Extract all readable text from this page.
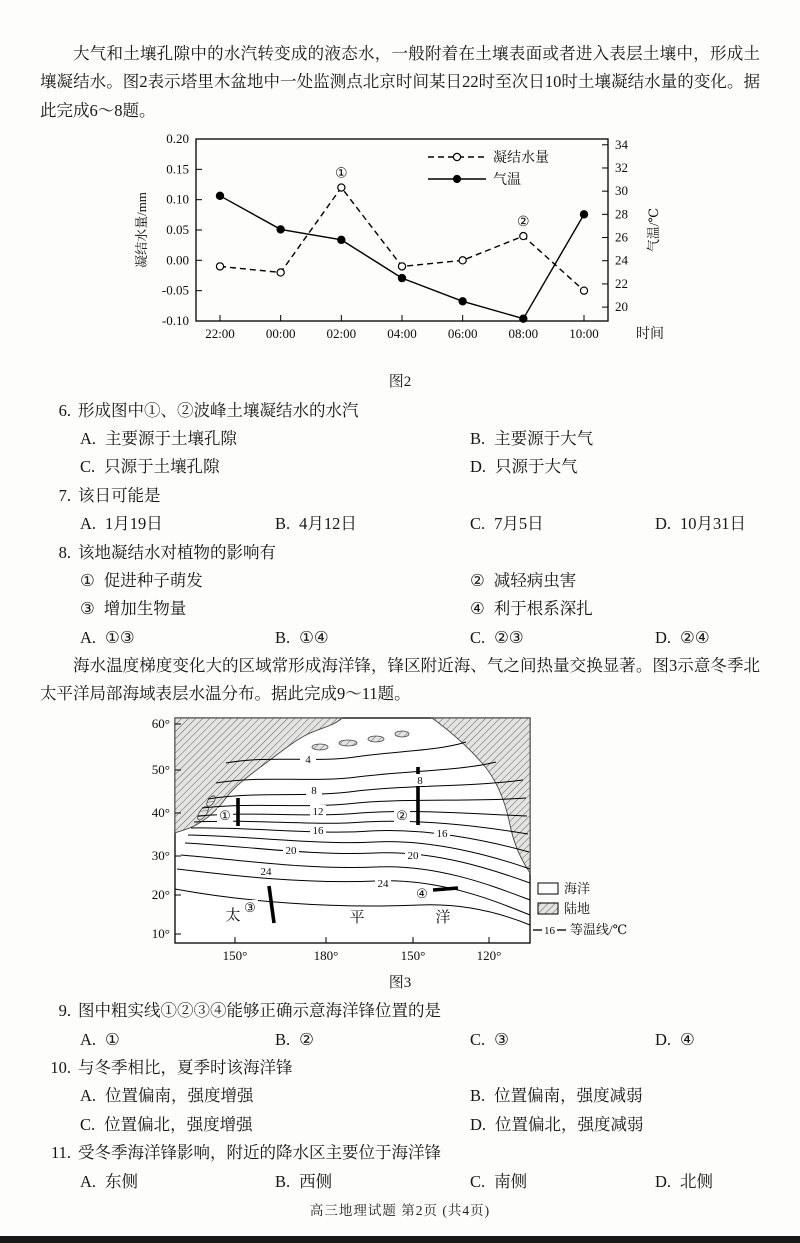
大气和土壤孔隙中的水汽转变成的液态水，一般附着在土壤表面或者进入表层土壤中，形成土壤凝结水。图2表示塔里木盆地中一处监测点北京时间某日22时至次日10时土壤凝结水量的变化。据此完成6～8题。

0.20
0.15
0.10
0.05
0.00
-0.05
-0.10
34
32
30
28
26
24
22
20
22:00 00:00 02:00 04:00 06:00 08:00 10:00	时间
凝结水量/mm	气温/℃
①
②
凝结水量
气温
图2
6. 形成图中①、②波峰土壤凝结水的水汽
A. 主要源于土壤孔隙	B. 主要源于大气
C. 只源于土壤孔隙	D. 只源于大气
7. 该日可能是
A. 1月19日	B. 4月12日	C. 7月5日	D. 10月31日
8. 该地凝结水对植物的影响有
① 促进种子萌发	② 减轻病虫害
③ 增加生物量	④ 利于根系深扎
A. ①③	B. ①④	C. ②③	D. ②④

海水温度梯度变化大的区域常形成海洋锋，锋区附近海、气之间热量交换显著。图3示意冬季北太平洋局部海域表层水温分布。据此完成9～11题。

60°
50°
40°
30°
20°
10°
150°	180°	150°	120°
4
8
12
16
20
24
8
16
20
24
①	②
③
④
太	平	洋
海洋
陆地
16 等温线/℃
图3
9. 图中粗实线①②③④能够正确示意海洋锋位置的是
A. ①	B. ②	C. ③	D. ④
10. 与冬季相比，夏季时该海洋锋
A. 位置偏南，强度增强	B. 位置偏南，强度减弱
C. 位置偏北，强度增强	D. 位置偏北，强度减弱
11. 受冬季海洋锋影响，附近的降水区主要位于海洋锋
A. 东侧	B. 西侧	C. 南侧	D. 北侧
高三地理试题 第2页 (共4页)
